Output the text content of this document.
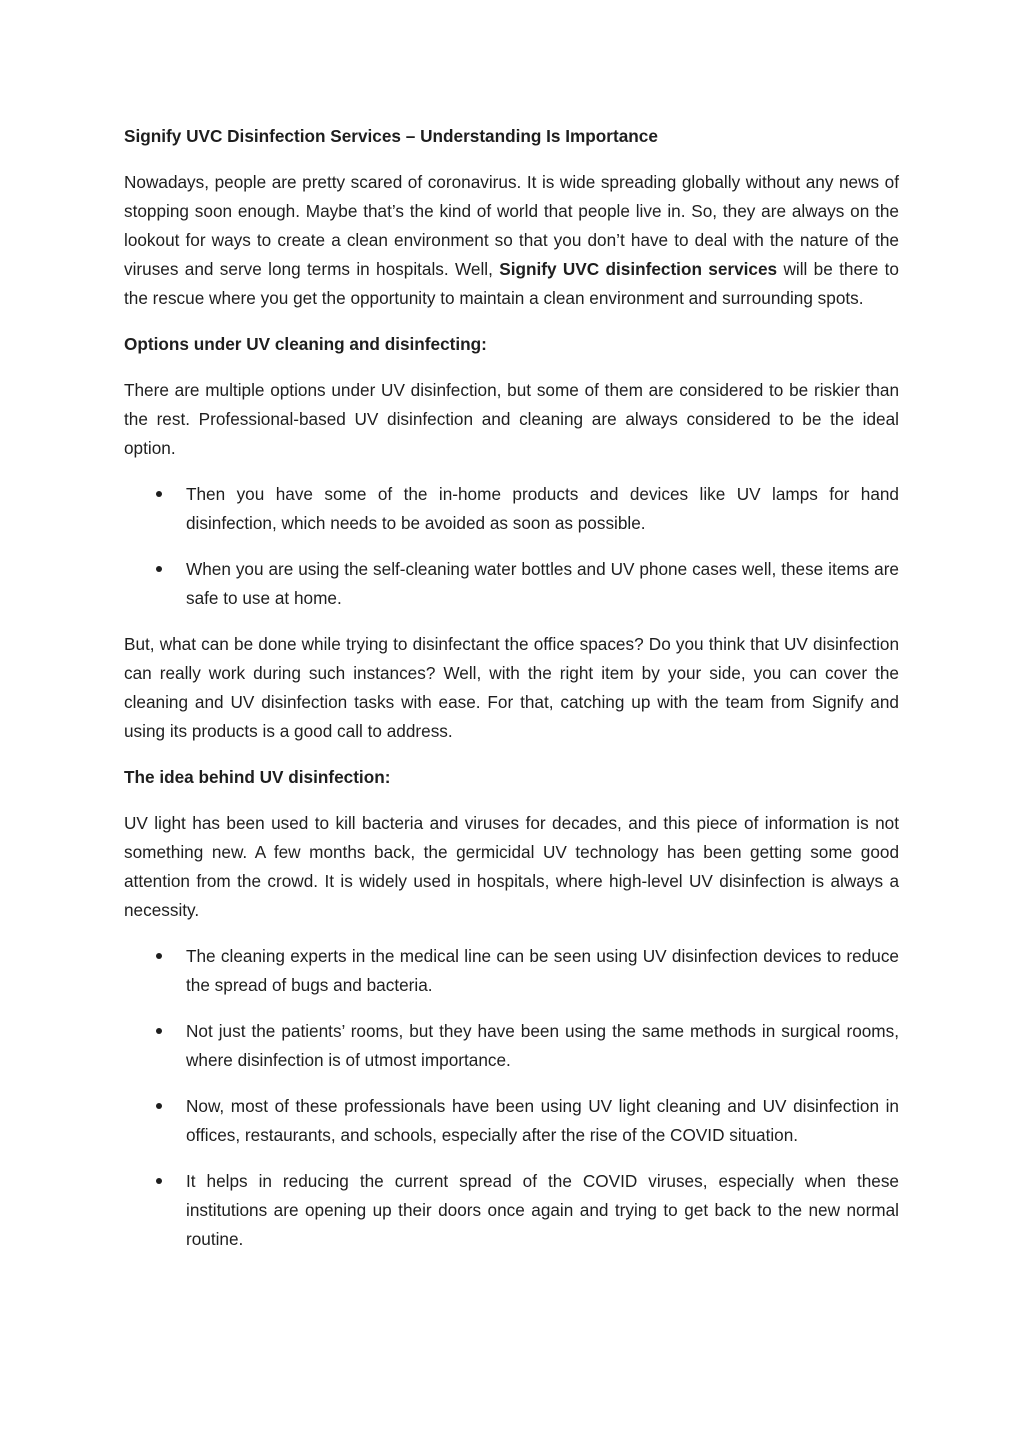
Signify UVC Disinfection Services – Understanding Is Importance
Nowadays, people are pretty scared of coronavirus. It is wide spreading globally without any news of stopping soon enough. Maybe that’s the kind of world that people live in. So, they are always on the lookout for ways to create a clean environment so that you don’t have to deal with the nature of the viruses and serve long terms in hospitals. Well, Signify UVC disinfection services will be there to the rescue where you get the opportunity to maintain a clean environment and surrounding spots.
Options under UV cleaning and disinfecting:
There are multiple options under UV disinfection, but some of them are considered to be riskier than the rest. Professional-based UV disinfection and cleaning are always considered to be the ideal option.
Then you have some of the in-home products and devices like UV lamps for hand disinfection, which needs to be avoided as soon as possible.
When you are using the self-cleaning water bottles and UV phone cases well, these items are safe to use at home.
But, what can be done while trying to disinfectant the office spaces? Do you think that UV disinfection can really work during such instances? Well, with the right item by your side, you can cover the cleaning and UV disinfection tasks with ease. For that, catching up with the team from Signify and using its products is a good call to address.
The idea behind UV disinfection:
UV light has been used to kill bacteria and viruses for decades, and this piece of information is not something new. A few months back, the germicidal UV technology has been getting some good attention from the crowd. It is widely used in hospitals, where high-level UV disinfection is always a necessity.
The cleaning experts in the medical line can be seen using UV disinfection devices to reduce the spread of bugs and bacteria.
Not just the patients’ rooms, but they have been using the same methods in surgical rooms, where disinfection is of utmost importance.
Now, most of these professionals have been using UV light cleaning and UV disinfection in offices, restaurants, and schools, especially after the rise of the COVID situation.
It helps in reducing the current spread of the COVID viruses, especially when these institutions are opening up their doors once again and trying to get back to the new normal routine.
